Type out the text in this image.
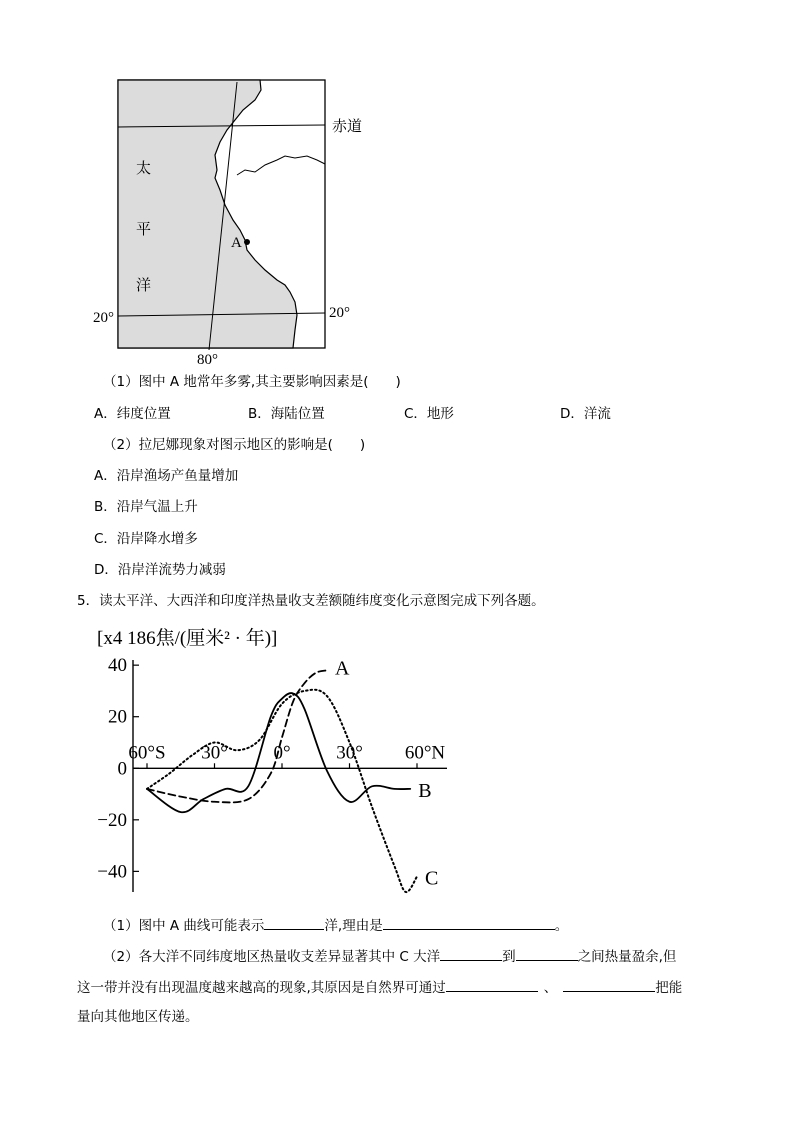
赤道
20°	20°
80°
太
平
洋
A
（1）图中 A 地常年多雾,其主要影响因素是(　　)
A．纬度位置	B．海陆位置	C．地形	D．洋流
（2）拉尼娜现象对图示地区的影响是(　　)
A．沿岸渔场产鱼量增加
B．沿岸气温上升
C．沿岸降水增多
D．沿岸洋流势力减弱
5．读太平洋、大西洋和印度洋热量收支差额随纬度变化示意图完成下列各题。
[x4 186焦/(厘米² · 年)]
40
20
0
−20
−40
60°S 30° 0° 30° 60°N
A
B
C
（1）图中 A 曲线可能表示	洋,理由是	。
（2）各大洋不同纬度地区热量收支差异显著其中 C 大洋	到	之间热量盈余,但
这一带并没有出现温度越来越高的现象,其原因是自然界可通过	、	把能
量向其他地区传递。
